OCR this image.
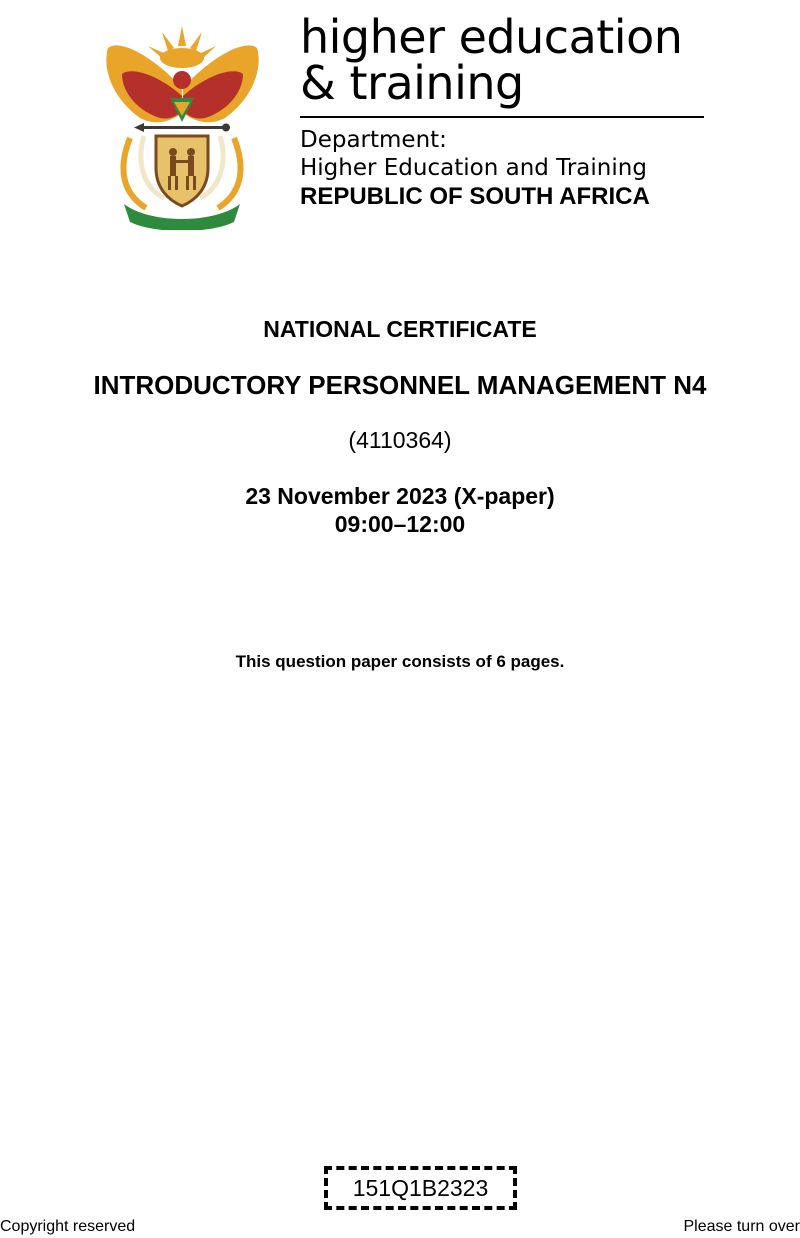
higher education
& training
Department:
Higher Education and Training
REPUBLIC OF SOUTH AFRICA
NATIONAL CERTIFICATE
INTRODUCTORY PERSONNEL MANAGEMENT N4
(4110364)
23 November 2023 (X-paper)
09:00–12:00
This question paper consists of 6 pages.
151Q1B2323
Copyright reserved	Please turn over
